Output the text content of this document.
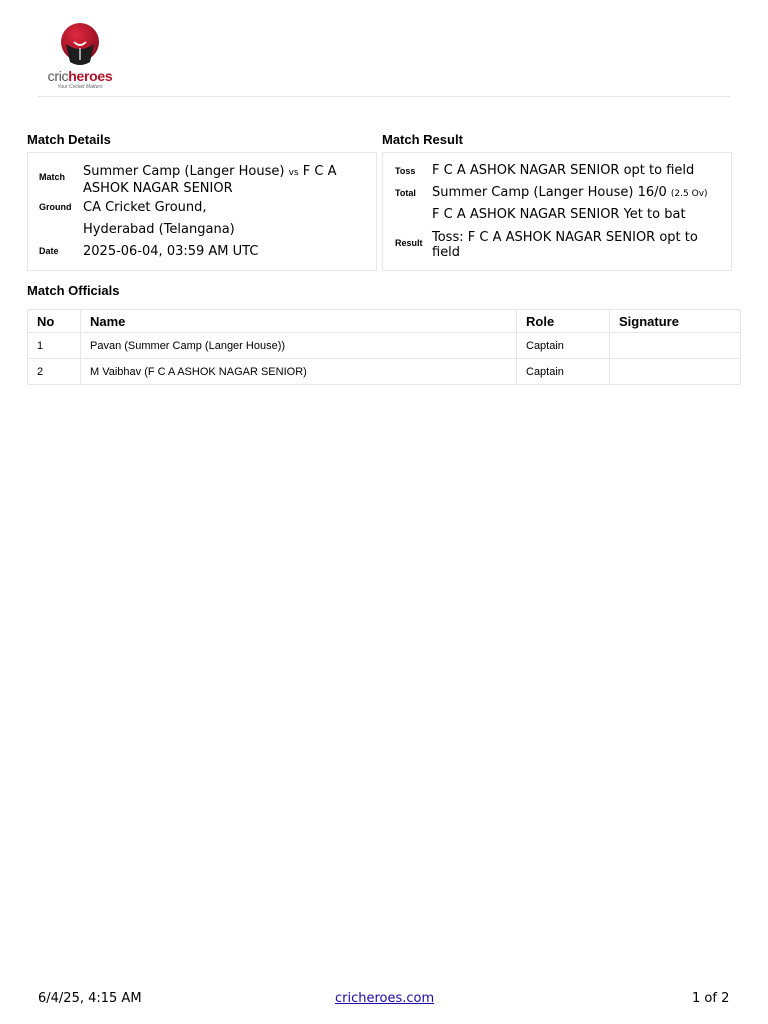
cricheroes
Your Cricket Matters
Match Details
Match Summer Camp (Langer House) vs F C A ASHOK NAGAR SENIOR
Ground CA Cricket Ground,
Hyderabad (Telangana)
Date 2025-06-04, 03:59 AM UTC
Match Result
Toss F C A ASHOK NAGAR SENIOR opt to field
Total Summer Camp (Langer House) 16/0 (2.5 Ov)
F C A ASHOK NAGAR SENIOR Yet to bat
Result Toss: F C A ASHOK NAGAR SENIOR opt to field
Match Officials
No	Name	Role	Signature
1	Pavan (Summer Camp (Langer House))	Captain	
2	M Vaibhav (F C A ASHOK NAGAR SENIOR)	Captain	
6/4/25, 4:15 AM	cricheroes.com	1 of 2
